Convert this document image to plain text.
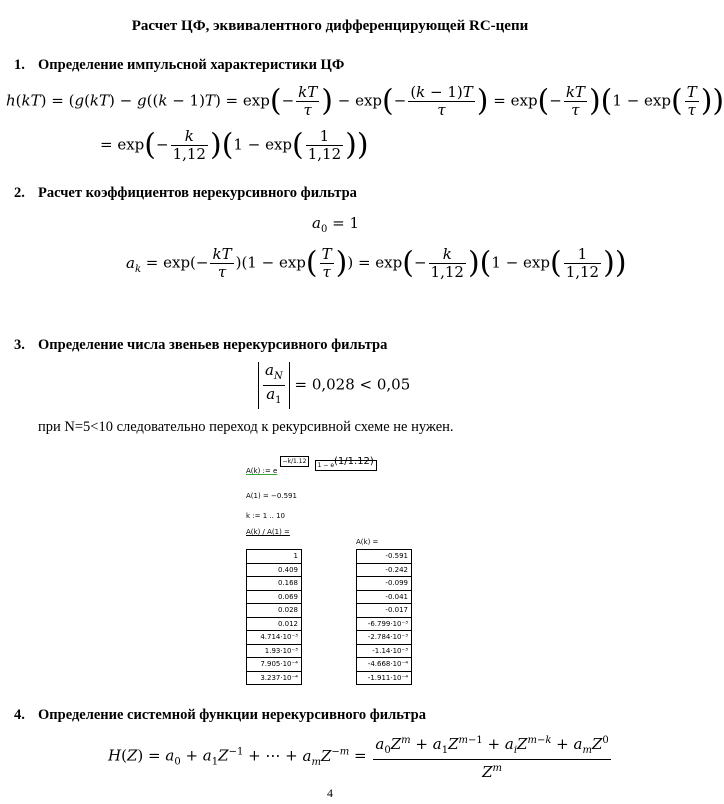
Расчет ЦФ, эквивалентного дифференцирующей RC-цепи
1. Определение импульсной характеристики ЦФ
$h(kT) = (g(kT) - g((k - 1)T) = \exp(- \frac{kT}{\tau}$ ) − $\exp(- \frac{(k - 1)T}{\tau}$ ) = $\exp(- \frac{kT}{\tau} )(1 - \exp( \frac{T}{\tau}$ ))
= $\exp(- \frac{k}{1,12} )(1 - \exp( \frac{1}{1,12}$ ))
2. Расчет коэффициентов нерекурсивного фильтра
$a_0 = 1$
$a_k = \exp(- \frac{kT}{\tau} )(1 - \exp( \frac{T}{\tau}$ )) = $\exp(- \frac{k}{1,12} )(1 - \exp( \frac{1}{1,12}$ ))
3. Определение числа звеньев нерекурсивного фильтра
$\frac{a_N}{a_1} = 0,028 < 0,05$
при N=5<10 следовательно переход к рекурсивной схеме не нужен.
A(k) := e −k/1.12 $1 - e^{(1/1.12)}$
A(1) = −0.591
k := 1 .. 10
A(k) / A(1) =
A(k) =
1
0.409
0.168
0.069
0.028
0.012
4.714·10⁻³
1.93·10⁻³
7.905·10⁻⁴
3.237·10⁻⁴
-0.591
-0.242
-0.099
-0.041
-0.017
-6.799·10⁻³
-2.784·10⁻³
-1.14·10⁻³
-4.668·10⁻⁴
-1.911·10⁻⁴
4. Определение системной функции нерекурсивного фильтра
$H(Z) = a_0 + a_1Z^{-1}$ + ⋯ + $a_mZ^{-m} = \frac{a_0Z^m + a_1Z^{m-1} + a_iZ^{m-k} + a_mZ^0}{Z^m}$
4
